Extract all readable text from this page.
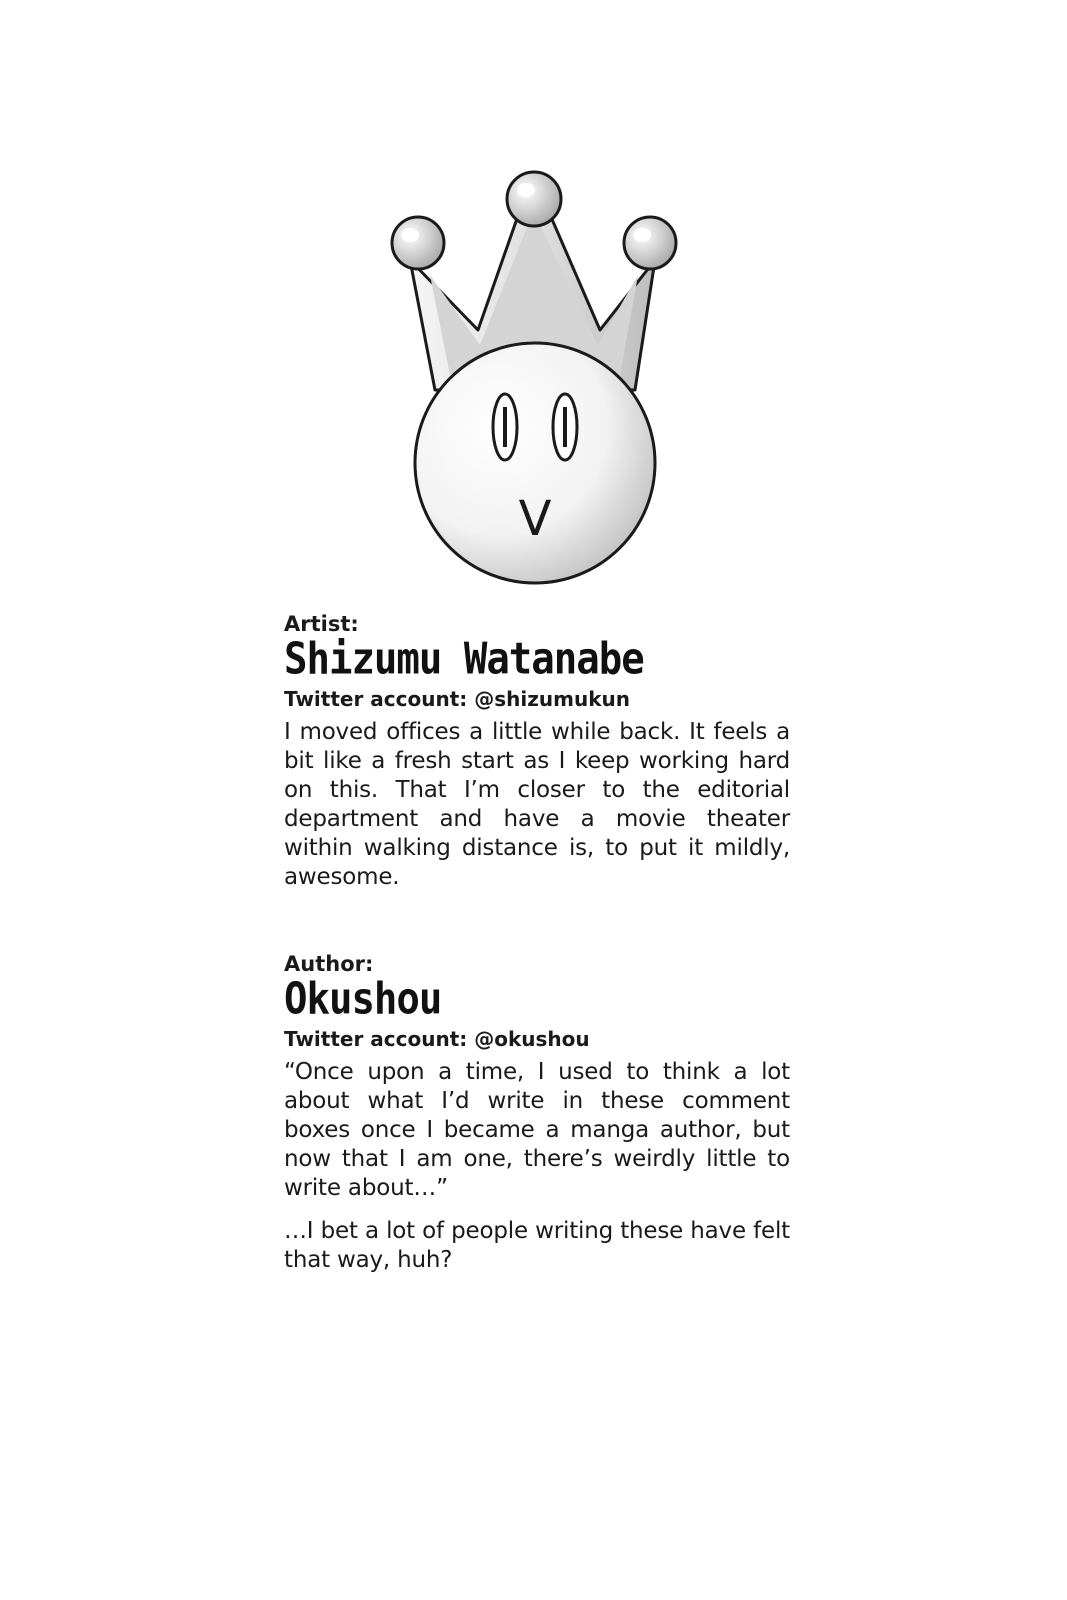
V

Artist:

Shizumu Watanabe

Twitter account: @shizumukun

I moved offices a little while back. It feels a bit like a fresh start as I keep working hard on this. That I’m closer to the editorial department and have a movie theater within walking distance is, to put it mildly, awesome.

Author:

Okushou

Twitter account: @okushou

“Once upon a time, I used to think a lot about what I’d write in these comment boxes once I became a manga author, but now that I am one, there’s weirdly little to write about…”

…I bet a lot of people writing these have felt that way, huh?
